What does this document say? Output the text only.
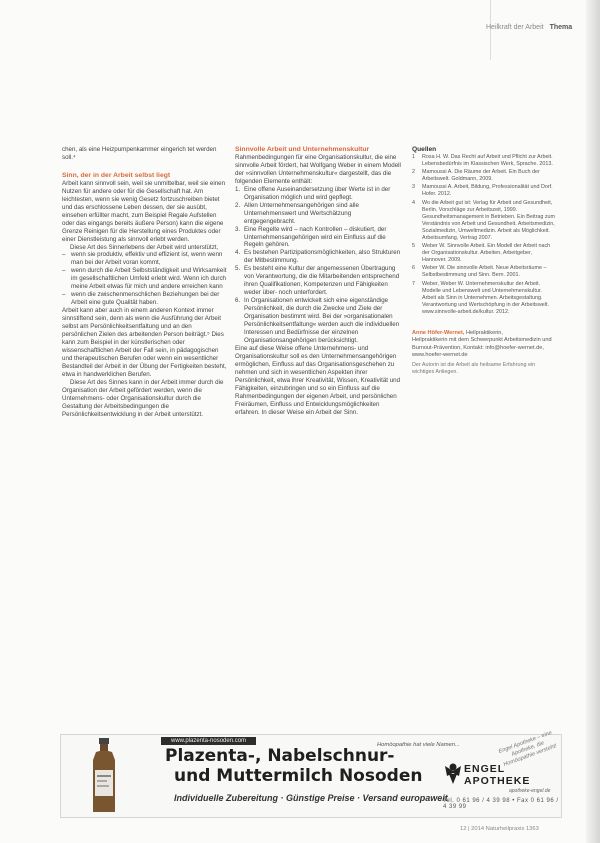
Heilkraft der Arbeit Thema

chen, als eine Heizpumpenkammer eingerich tet werden soll.⁴

Sinn, der in der Arbeit selbst liegt

Arbeit kann sinnvoll sein, weil sie unmittelbar, weil sie einen Nutzen für andere oder für die Gesellschaft hat. Am leichtesten, wenn sie wenig Gesetz fortzuschreiben bietet und das erschlossene Leben dessen, der sie ausübt, einsehen erfüllter macht, zum Beispiel Regale Aufstellen oder das eingangs bereits äußere Person) kann die eigene Grenze Reinigen für die Herstellung eines Produktes oder einer Dienstleistung als sinnvoll erlebt werden.

Diese Art des Sinnerlebens der Arbeit wird unterstützt,

– wenn sie produktiv, effektiv und effizient ist, wenn wenn man bei der Arbeit voran kommt,
– wenn durch die Arbeit Selbstständigkeit und Wirksamkeit im gesellschaftlichen Umfeld erlebt wird. Wenn ich durch meine Arbeit etwas für mich und andere erreichen kann
– wenn die zwischenmenschlichen Beziehungen bei der Arbeit eine gute Qualität haben.

Arbeit kann aber auch in einem anderen Kontext immer sinnstiftend sein, denn als wenn die Ausführung der Arbeit selbst am Persönlichkeitsentfaltung und an den persönlichen Zielen des arbeitenden Person beiträgt.⁵ Dies kann zum Beispiel in der künstlerischen oder wissenschaftlichen Arbeit der Fall sein, in pädagogischen und therapeutischen Berufen oder wenn ein wesentlicher Bestandteil der Arbeit in der Übung der Fertigkeiten besteht, etwa in handwerklichen Berufen.

Diese Art des Sinnes kann in der Arbeit immer durch die Organisation der Arbeit gefördert werden, wenn die Unternehmens- oder Organisationskultur durch die Gestaltung der Arbeitsbedingungen die Persönlichkeitsentwicklung in der Arbeit unterstützt.

Sinnvolle Arbeit und Unternehmenskultur

Rahmenbedingungen für eine Organisationskultur, die eine sinnvolle Arbeit fördert, hat Wolfgang Weber in einem Modell der »sinnvollen Unternehmenskultur« dargestellt, das die folgenden Elemente enthält:

1. Eine offene Auseinandersetzung über Werte ist in der Organisation möglich und wird gepflegt.
2. Allen Unternehmensangehörigen sind alle Unternehmenswert und Wertschätzung entgegengebracht.
3. Eine Regelte wird – nach Kontrollen – diskutiert, der Unternehmensangehörigen wird ein Einfluss auf die Regeln gehören.
4. Es bestehen Partizipationsmöglichkeiten, also Strukturen der Mitbestimmung.
5. Es besteht eine Kultur der angemessenen Übertragung von Verantwortung, die die Mitarbeitenden entsprechend ihren Qualifikationen, Kompetenzen und Fähigkeiten weder über- noch unterfordert.
6. In Organisationen entwickelt sich eine eigenständige Persönlichkeit, die durch die Zwecke und Ziele der Organisation bestimmt wird. Bei der »organisationalen Persönlichkeitsentfaltung« werden auch die individuellen Interessen und Bedürfnisse der einzelnen Organisationsangehörigen berücksichtigt.

Eine auf diese Weise offene Unternehmens- und Organisationskultur soll es den Unternehmensangehörigen ermöglichen, Einfluss auf das Organisationsgeschehen zu nehmen und sich in wesentlichen Aspekten ihrer Persönlichkeit, etwa ihrer Kreativität, Wissen, Kreativität und Fähigkeiten, einzubringen und so ein Einfluss auf die Rahmenbedingungen der eigenen Arbeit, und persönlichen Freiräumen, Einfluss und Entwicklungsmöglichkeiten erfahren. In dieser Weise ein Arbeit der Sinn.

Quellen

1 Rosa H. W. Das Recht auf Arbeit und Pflicht zur Arbeit. Lebensbedürfnis im Klassischen Werk, Sprache. 2013.
2 Mamoussi A. Die Räume der Arbeit. Ein Buch der Arbeitswelt. Goldmann, 2009.
3 Mamoussi A. Arbeit, Bildung, Professionalität und Dorf. Hofer. 2012.
4 Wo die Arbeit gut ist: Verlag für Arbeit und Gesundheit, Berlin. Vorschläge zur Arbeitszeit, 1999. Gesundheitsmanagement in Betrieben. Ein Beitrag zum Verständnis von Arbeit und Gesundheit. Arbeitsmedizin, Sozialmedizin, Umweltmedizin. Arbeit als Möglichkeit. Arbeitsumfang, Vertrag 2007.
5 Weber W. Sinnvolle Arbeit. Ein Modell der Arbeit nach der Organisationskultur. Arbeiten, Arbeitgeber, Hannover. 2009.
6 Weber W. Die sinnvolle Arbeit. Neue Arbeitsräume – Selbstbestimmung und Sinn. Bern. 2001.
7 Weber, Weber W. Unternehmenskultur der Arbeit. Modelle und Lebenswelt und Unternehmenskultur. Arbeit als Sinn in Unternehmen. Arbeitsgestaltung. Verantwortung und Wertschöpfung in der Arbeitswelt. www.sinnvolle-arbeit.de/kultur. 2012.
Anne Höfer-Wernet, Heilpraktikerin,
Heilpraktikerin mit dem Schwerpunkt Arbeitsmedizin und Burnout-Prävention, Kontakt: info@hoefer-wernet.de, www.hoefer-wernet.de
Der Autorin ist die Arbeit als heilsame Erfahrung ein wichtiges Anliegen.
www.plazenta-nosoden.com
Plazenta-, Nabelschnur-
und Muttermilch Nosoden
Individuelle Zubereitung · Günstige Preise · Versand europaweit
Homöopathie hat viele Namen...	Engel Apotheke – eine Apotheke, die Homöopathie versteht!
ENGEL
APOTHEKE
apotheke-engel.de
Tel. 0 61 96 / 4 39 98 • Fax 0 61 96 / 4 39 99
12 | 2014 Naturheilpraxis 1363
